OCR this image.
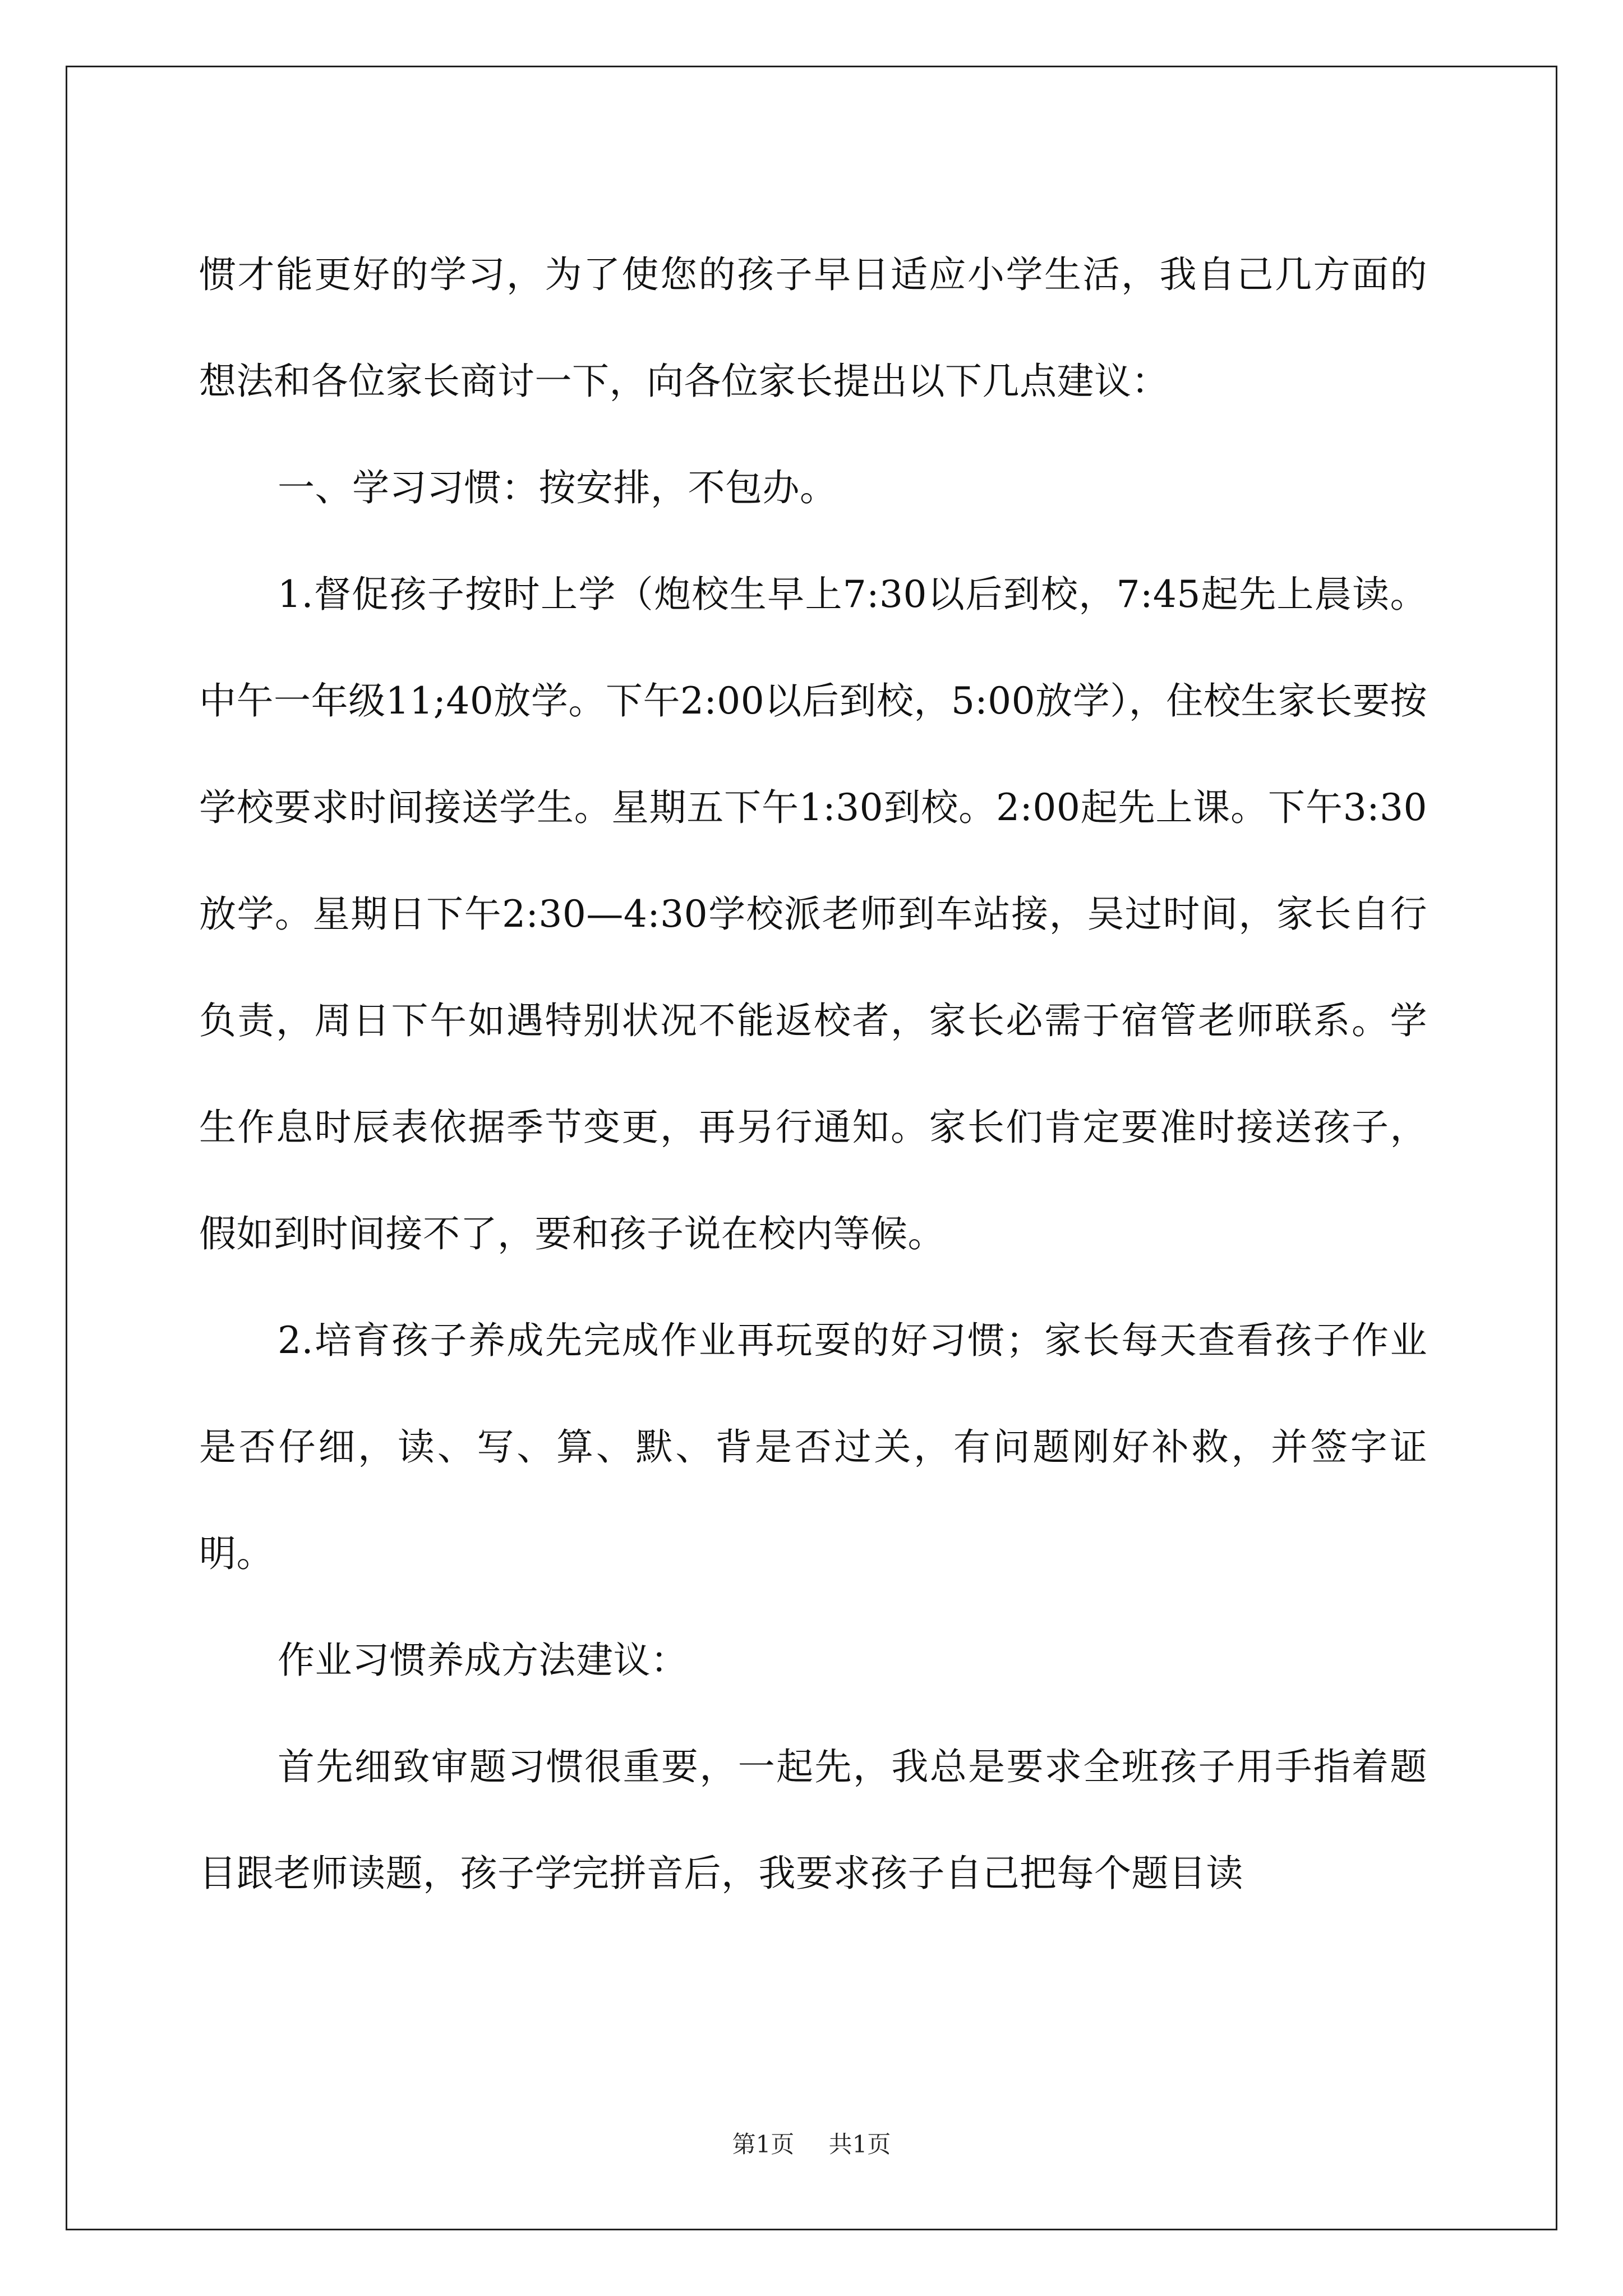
惯才能更好的学习，为了使您的孩子早日适应小学生活，我自己几方面的想法和各位家长商讨一下，向各位家长提出以下几点建议：

一、学习习惯：按安排，不包办。

1.督促孩子按时上学（炮校生早上7:30以后到校，7:45起先上晨读。中午一年级11;40放学。下午2:00以后到校，5:00放学），住校生家长要按学校要求时间接送学生。星期五下午1:30到校。2:00起先上课。下午3:30放学。星期日下午2:30—4:30学校派老师到车站接，吴过时间，家长自行负责，周日下午如遇特别状况不能返校者，家长必需于宿管老师联系。学生作息时辰表依据季节变更，再另行通知。家长们肯定要准时接送孩子，假如到时间接不了，要和孩子说在校内等候。

2.培育孩子养成先完成作业再玩耍的好习惯；家长每天查看孩子作业是否仔细，读、写、算、默、背是否过关，有问题刚好补救，并签字证明。

作业习惯养成方法建议：

首先细致审题习惯很重要，一起先，我总是要求全班孩子用手指着题目跟老师读题，孩子学完拼音后，我要求孩子自己把每个题目读

第1页 共1页
